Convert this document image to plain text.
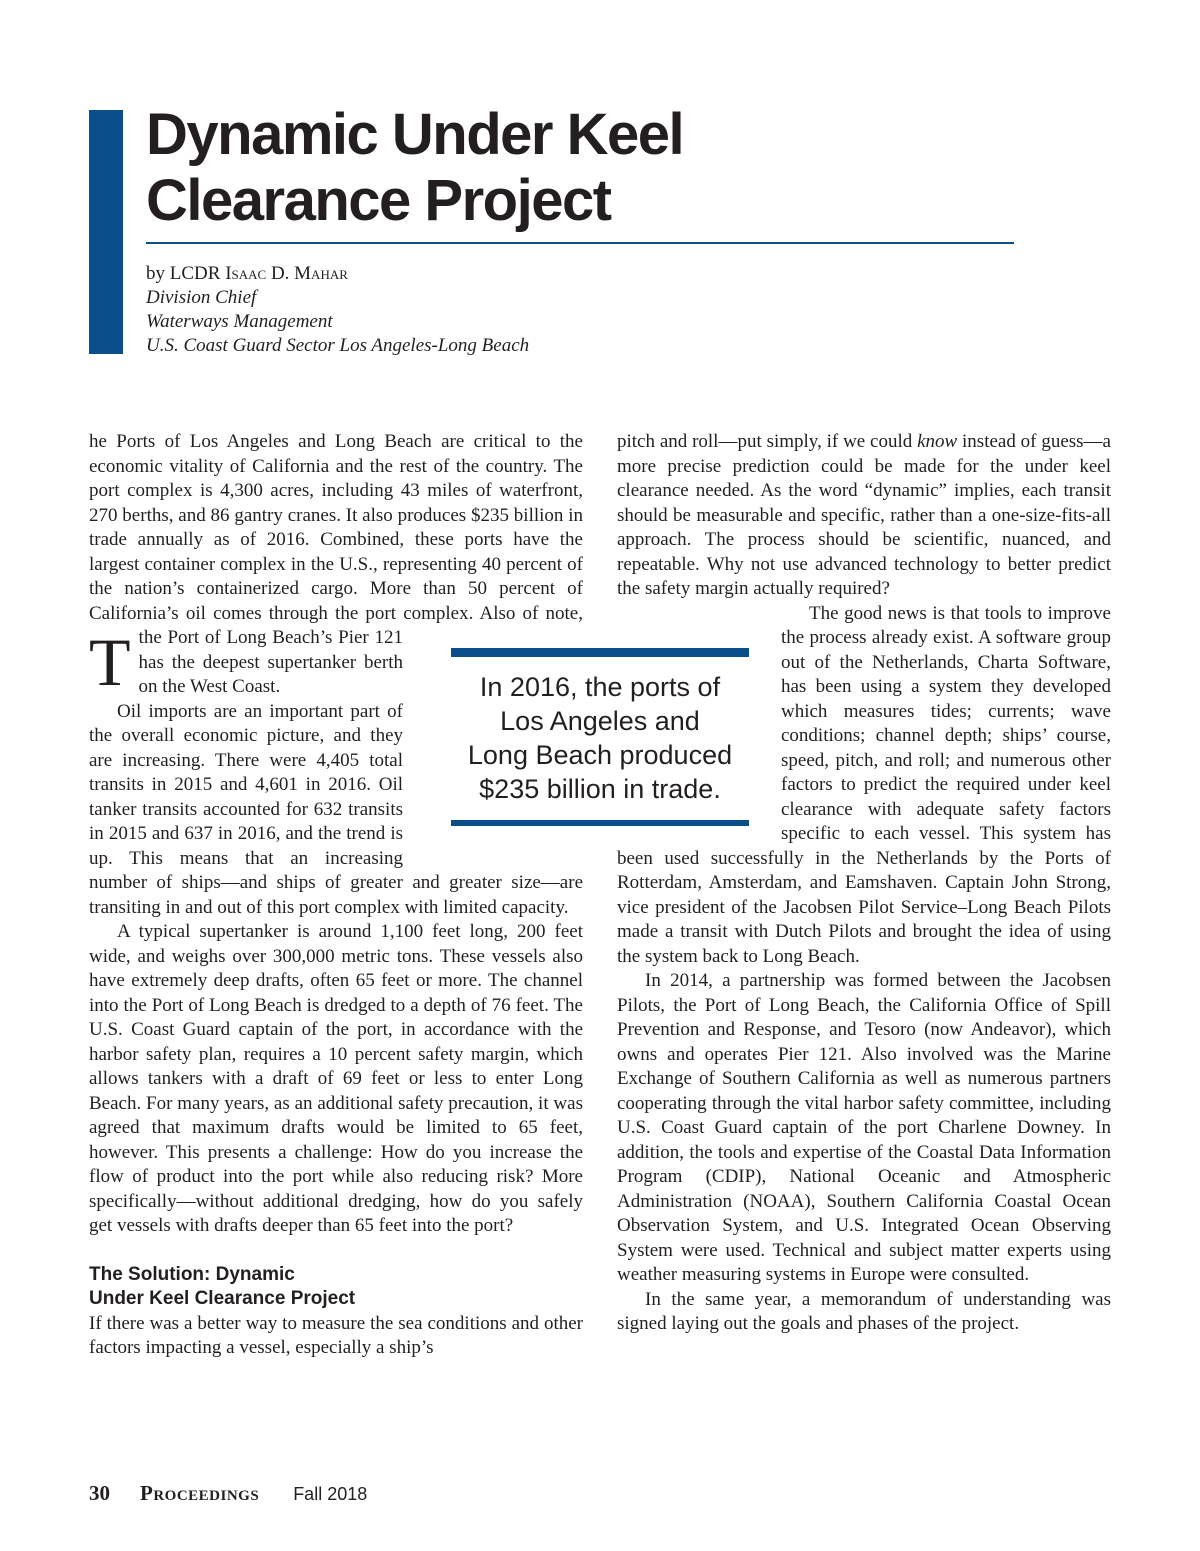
Dynamic Under Keel
Clearance Project
by LCDR Isaac D. Mahar
Division Chief
Waterways Management
U.S. Coast Guard Sector Los Angeles-Long Beach

T
he Ports of Los Angeles and Long Beach are critical to the economic vitality of California and the rest of the country. The port complex is 4,300 acres, including 43 miles of waterfront, 270 berths, and 86 gantry cranes. It also produces $235 billion in trade annually as of 2016. Combined, these ports have the largest container complex in the U.S., representing 40 percent of the nation’s containerized cargo. More than 50 percent of California’s oil comes through the port complex. Also of note, the Port of Long Beach’s Pier 121 has the deepest supertanker berth on the West Coast.

Oil imports are an important part of the overall economic picture, and they are increasing. There were 4,405 total transits in 2015 and 4,601 in 2016. Oil tanker transits accounted for 632 transits in 2015 and 637 in 2016, and the trend is up. This means that an increasing number of ships—and ships of greater and greater size—are transiting in and out of this port complex with limited capacity.

A typical supertanker is around 1,100 feet long, 200 feet wide, and weighs over 300,000 metric tons. These vessels also have extremely deep drafts, often 65 feet or more. The channel into the Port of Long Beach is dredged to a depth of 76 feet. The U.S. Coast Guard captain of the port, in accordance with the harbor safety plan, requires a 10 percent safety margin, which allows tankers with a draft of 69 feet or less to enter Long Beach. For many years, as an additional safety precaution, it was agreed that maximum drafts would be limited to 65 feet, however. This presents a challenge: How do you increase the flow of product into the port while also reducing risk? More specifically—without additional dredging, how do you safely get vessels with drafts deeper than 65 feet into the port?

The Solution: Dynamic
Under Keel Clearance Project

If there was a better way to measure the sea conditions and other factors impacting a vessel, especially a ship’s

pitch and roll—put simply, if we could know instead of guess—a more precise prediction could be made for the under keel clearance needed. As the word “dynamic” implies, each transit should be measurable and specific, rather than a one-size-fits-all approach. The process should be scientific, nuanced, and repeatable. Why not use advanced technology to better predict the safety margin actually required?

The good news is that tools to improve the process already exist. A software group out of the Netherlands, Charta Software, has been using a system they developed which measures tides; currents; wave conditions; channel depth; ships’ course, speed, pitch, and roll; and numerous other factors to predict the required under keel clearance with adequate safety factors specific to each vessel. This system has been used successfully in the Netherlands by the Ports of Rotterdam, Amsterdam, and Eamshaven. Captain John Strong, vice president of the Jacobsen Pilot Service–Long Beach Pilots made a transit with Dutch Pilots and brought the idea of using the system back to Long Beach.

In 2014, a partnership was formed between the Jacobsen Pilots, the Port of Long Beach, the California Office of Spill Prevention and Response, and Tesoro (now Andeavor), which owns and operates Pier 121. Also involved was the Marine Exchange of Southern California as well as numerous partners cooperating through the vital harbor safety committee, including U.S. Coast Guard captain of the port Charlene Downey. In addition, the tools and expertise of the Coastal Data Information Program (CDIP), National Oceanic and Atmospheric Administration (NOAA), Southern California Coastal Ocean Observation System, and U.S. Integrated Ocean Observing System were used. Technical and subject matter experts using weather measuring systems in Europe were consulted.

In the same year, a memorandum of understanding was signed laying out the goals and phases of the project.

In 2016, the ports of
Los Angeles and
Long Beach produced
$235 billion in trade.
30 Proceedings Fall 2018
